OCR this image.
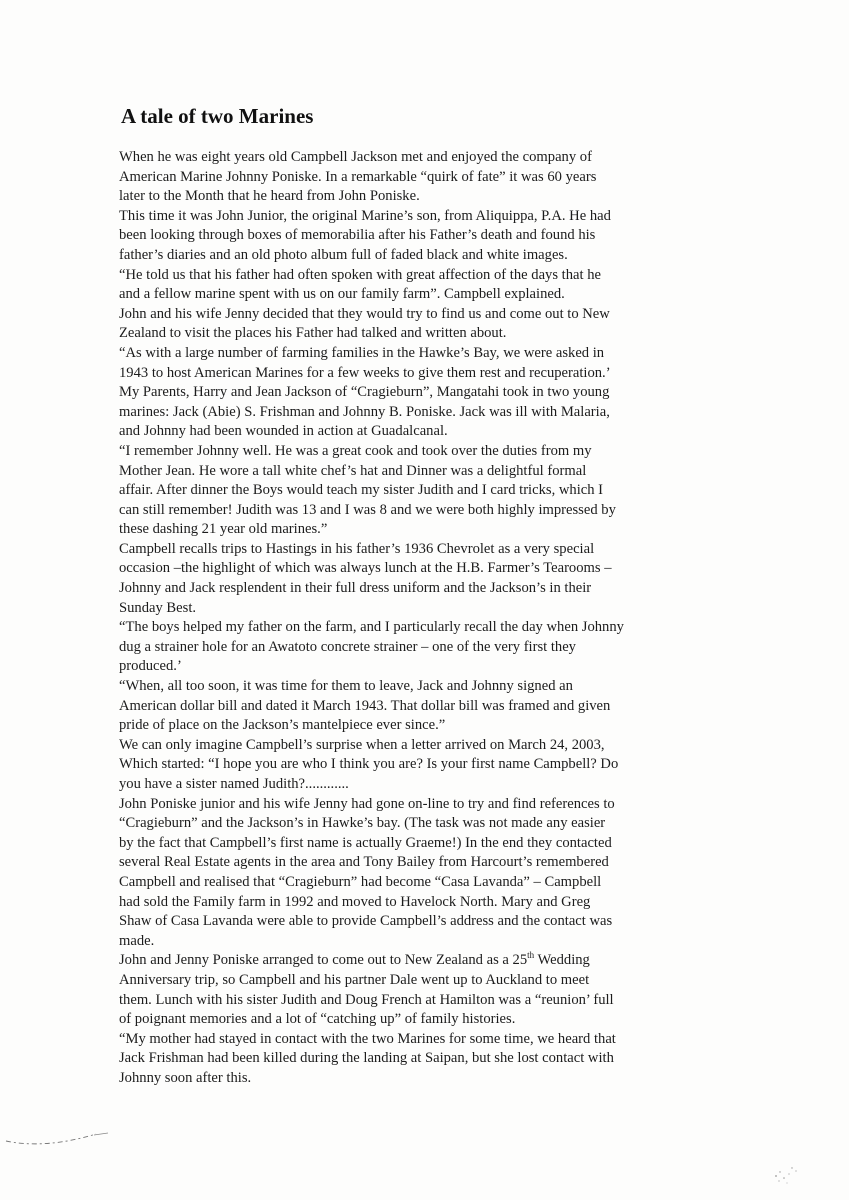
A tale of two Marines
When he was eight years old Campbell Jackson met and enjoyed the company of
American Marine Johnny Poniske. In a remarkable “quirk of fate” it was 60 years
later to the Month that he heard from John Poniske.
This time it was John Junior, the original Marine’s son, from Aliquippa, P.A. He had
been looking through boxes of memorabilia after his Father’s death and found his
father’s diaries and an old photo album full of faded black and white images.
“He told us that his father had often spoken with great affection of the days that he
and a fellow marine spent with us on our family farm”. Campbell explained.
John and his wife Jenny decided that they would try to find us and come out to New
Zealand to visit the places his Father had talked and written about.
“As with a large number of farming families in the Hawke’s Bay, we were asked in
1943 to host American Marines for a few weeks to give them rest and recuperation.’
My Parents, Harry and Jean Jackson of “Cragieburn”, Mangatahi took in two young
marines: Jack (Abie) S. Frishman and Johnny B. Poniske. Jack was ill with Malaria,
and Johnny had been wounded in action at Guadalcanal.
“I remember Johnny well. He was a great cook and took over the duties from my
Mother Jean. He wore a tall white chef’s hat and Dinner was a delightful formal
affair. After dinner the Boys would teach my sister Judith and I card tricks, which I
can still remember! Judith was 13 and I was 8 and we were both highly impressed by
these dashing 21 year old marines.”
Campbell recalls trips to Hastings in his father’s 1936 Chevrolet as a very special
occasion –the highlight of which was always lunch at the H.B. Farmer’s Tearooms –
Johnny and Jack resplendent in their full dress uniform and the Jackson’s in their
Sunday Best.
“The boys helped my father on the farm, and I particularly recall the day when Johnny
dug a strainer hole for an Awatoto concrete strainer – one of the very first they
produced.’
“When, all too soon, it was time for them to leave, Jack and Johnny signed an
American dollar bill and dated it March 1943. That dollar bill was framed and given
pride of place on the Jackson’s mantelpiece ever since.”
We can only imagine Campbell’s surprise when a letter arrived on March 24, 2003,
Which started: “I hope you are who I think you are? Is your first name Campbell? Do
you have a sister named Judith?............
John Poniske junior and his wife Jenny had gone on-line to try and find references to
“Cragieburn” and the Jackson’s in Hawke’s bay. (The task was not made any easier
by the fact that Campbell’s first name is actually Graeme!) In the end they contacted
several Real Estate agents in the area and Tony Bailey from Harcourt’s remembered
Campbell and realised that “Cragieburn” had become “Casa Lavanda” – Campbell
had sold the Family farm in 1992 and moved to Havelock North. Mary and Greg
Shaw of Casa Lavanda were able to provide Campbell’s address and the contact was
made.
John and Jenny Poniske arranged to come out to New Zealand as a 25th Wedding
Anniversary trip, so Campbell and his partner Dale went up to Auckland to meet
them. Lunch with his sister Judith and Doug French at Hamilton was a “reunion’ full
of poignant memories and a lot of “catching up” of family histories.
“My mother had stayed in contact with the two Marines for some time, we heard that
Jack Frishman had been killed during the landing at Saipan, but she lost contact with
Johnny soon after this.
